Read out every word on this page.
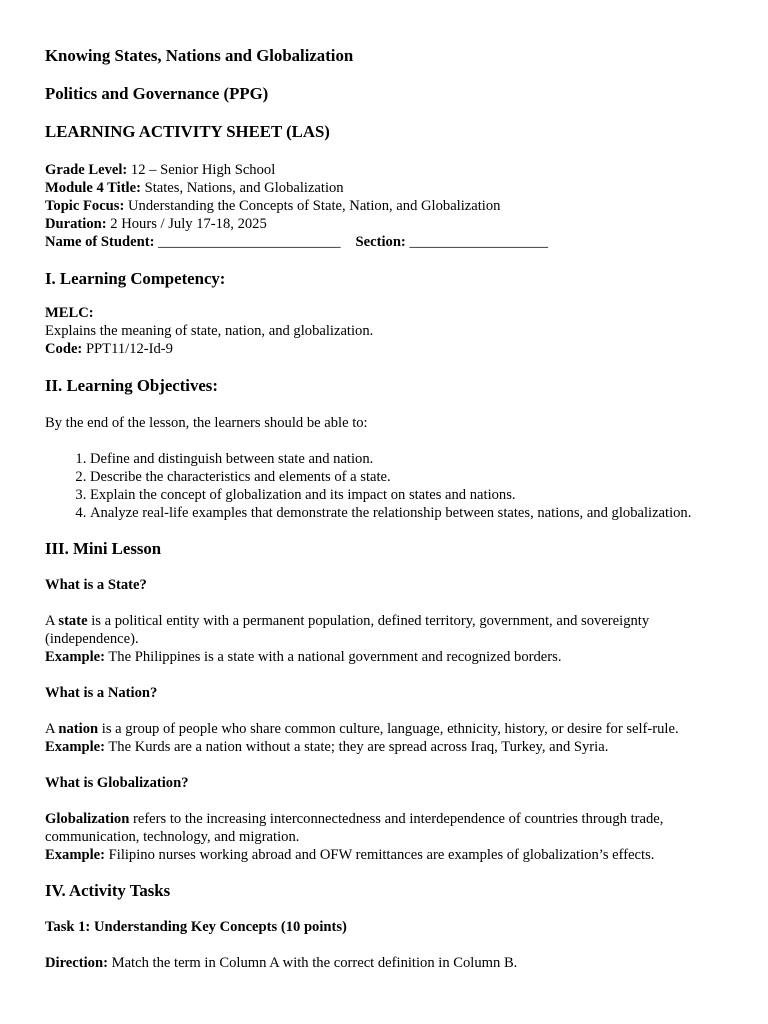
Knowing States, Nations and Globalization

Politics and Governance (PPG)

LEARNING ACTIVITY SHEET (LAS)

Grade Level: 12 – Senior High School
Module 4 Title: States, Nations, and Globalization
Topic Focus: Understanding the Concepts of State, Nation, and Globalization
Duration: 2 Hours / July 17-18, 2025
Name of Student: _________________________ Section: ___________________

I. Learning Competency:

MELC:
Explains the meaning of state, nation, and globalization.
Code: PPT11/12-Id-9

II. Learning Objectives:

By the end of the lesson, the learners should be able to:

1. Define and distinguish between state and nation.
2. Describe the characteristics and elements of a state.
3. Explain the concept of globalization and its impact on states and nations.
4. Analyze real-life examples that demonstrate the relationship between states, nations, and globalization.

III. Mini Lesson

What is a State?

A state is a political entity with a permanent population, defined territory, government, and sovereignty (independence).
Example: The Philippines is a state with a national government and recognized borders.

What is a Nation?

A nation is a group of people who share common culture, language, ethnicity, history, or desire for self-rule.
Example: The Kurds are a nation without a state; they are spread across Iraq, Turkey, and Syria.

What is Globalization?

Globalization refers to the increasing interconnectedness and interdependence of countries through trade, communication, technology, and migration.
Example: Filipino nurses working abroad and OFW remittances are examples of globalization’s effects.

IV. Activity Tasks

Task 1: Understanding Key Concepts (10 points)

Direction: Match the term in Column A with the correct definition in Column B.
